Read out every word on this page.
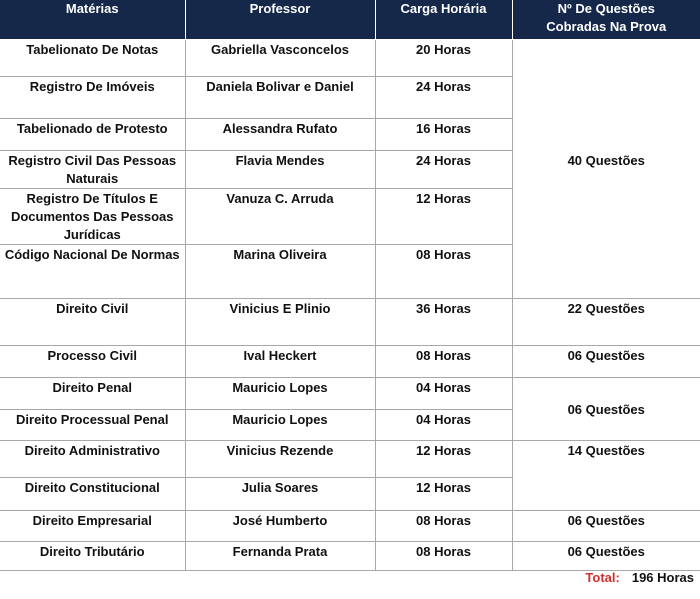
Matérias	Professor	Carga Horária	Nº De Questões
Cobradas Na Prova
Tabelionato De Notas	Gabriella Vasconcelos	20 Horas	40 Questões
Registro De Imóveis	Daniela Bolivar e Daniel	24 Horas	
Tabelionado de Protesto	Alessandra Rufato	16 Horas	
Registro Civil Das Pessoas Naturais	Flavia Mendes	24 Horas	
Registro De Títulos E Documentos Das Pessoas Jurídicas	Vanuza C. Arruda	12 Horas	
Código Nacional De Normas	Marina Oliveira	08 Horas	
Direito Civil	Vinicius E Plinio	36 Horas	22 Questões
Processo Civil	Ival Heckert	08 Horas	06 Questões
Direito Penal	Mauricio Lopes	04 Horas	06 Questões
Direito Processual Penal	Mauricio Lopes	04 Horas	
Direito Administrativo	Vinicius Rezende	12 Horas	14 Questões
Direito Constitucional	Julia Soares	12 Horas	
Direito Empresarial	José Humberto	08 Horas	06 Questões
Direito Tributário	Fernanda Prata	08 Horas	06 Questões
Total: 196 Horas
